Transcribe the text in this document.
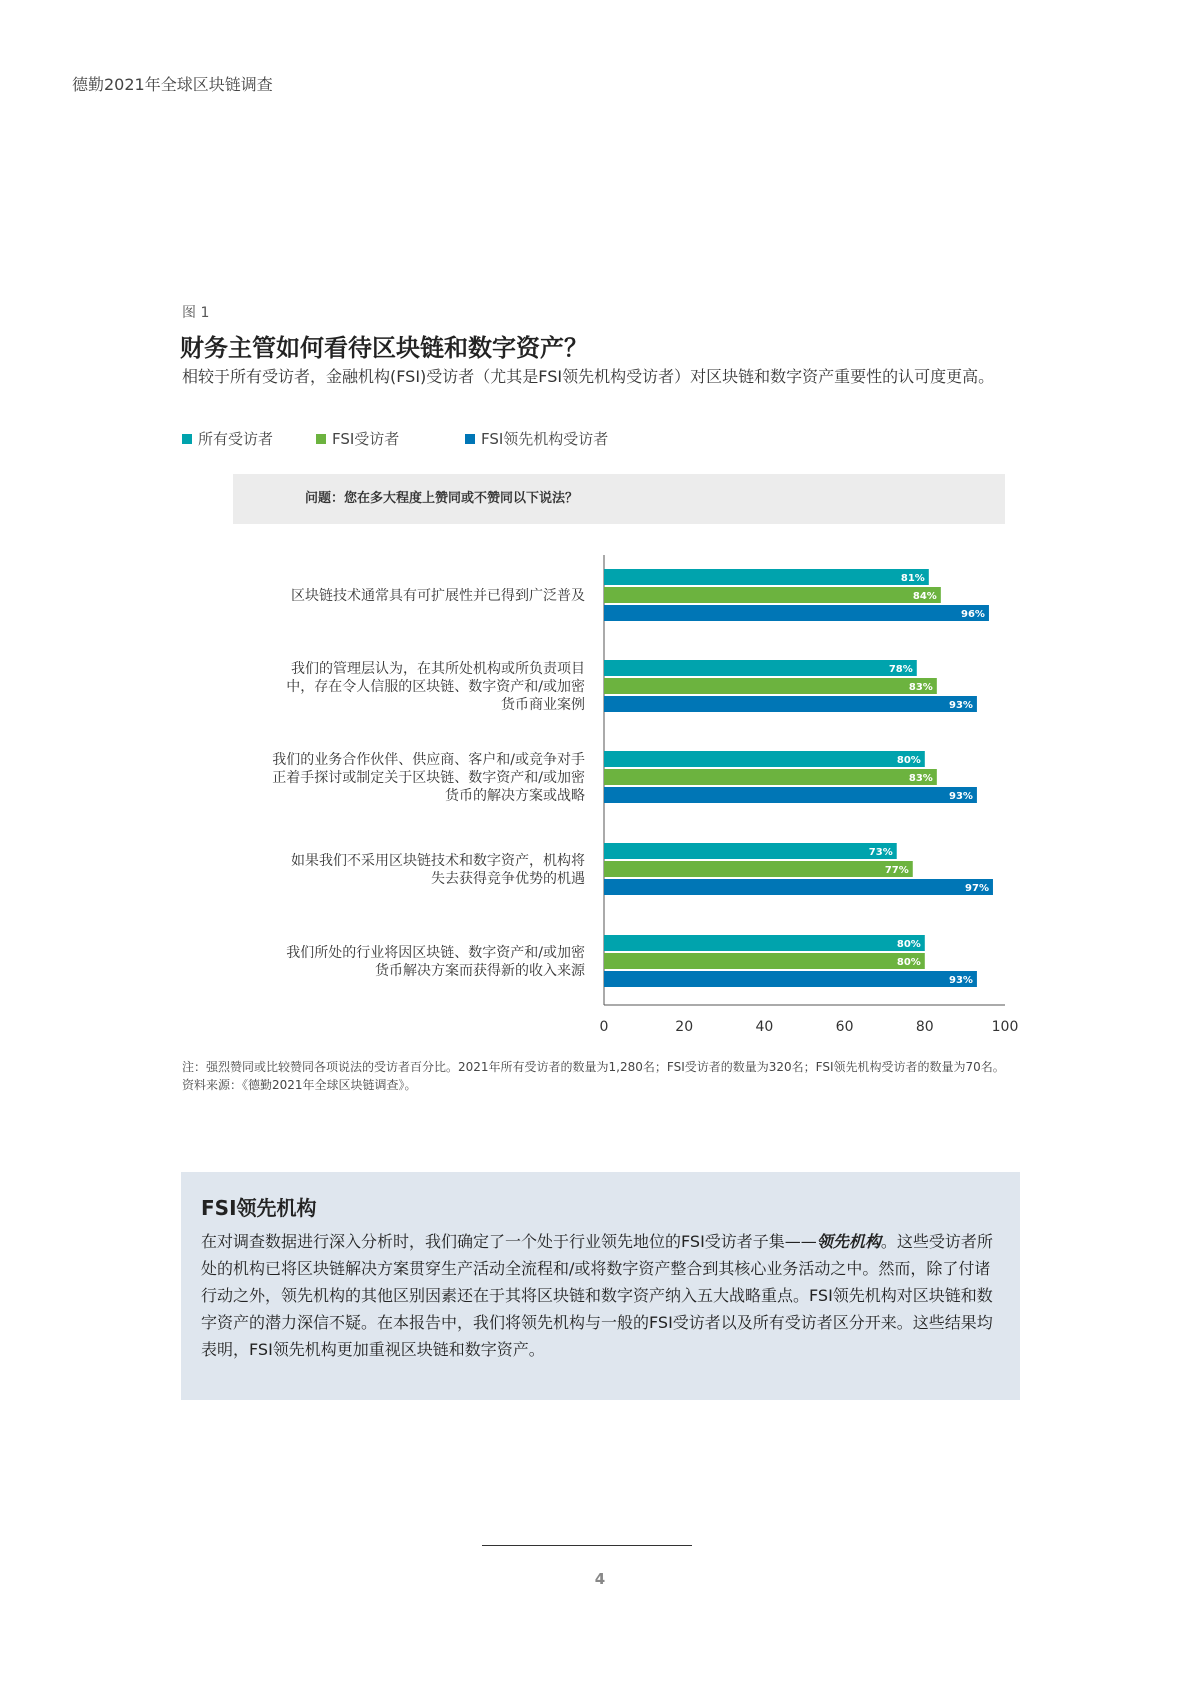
德勤2021年全球区块链调查
图 1
财务主管如何看待区块链和数字资产？
相较于所有受访者，金融机构(FSI)受访者（尤其是FSI领先机构受访者）对区块链和数字资产重要性的认可度更高。
所有受访者	FSI受访者	FSI领先机构受访者
问题：您在多大程度上赞同或不赞同以下说法？
0	20	40	60	80	100
区块链技术通常具有可扩展性并已得到广泛普及
81%
84%
96%
我们的管理层认为，在其所处机构或所负责项目
中，存在令人信服的区块链、数字资产和/或加密
货币商业案例
78%
83%
93%
我们的业务合作伙伴、供应商、客户和/或竞争对手
正着手探讨或制定关于区块链、数字资产和/或加密
货币的解决方案或战略
80%
83%
93%
如果我们不采用区块链技术和数字资产，机构将
失去获得竞争优势的机遇
73%
77%
97%
我们所处的行业将因区块链、数字资产和/或加密
货币解决方案而获得新的收入来源
80%
80%
93%
注：强烈赞同或比较赞同各项说法的受访者百分比。2021年所有受访者的数量为1,280名；FSI受访者的数量为320名；FSI领先机构受访者的数量为70名。
资料来源：《德勤2021年全球区块链调查》。
FSI领先机构
在对调查数据进行深入分析时，我们确定了一个处于行业领先地位的FSI受访者子集——领先机构。这些受访者所处的机构已将区块链解决方案贯穿生产活动全流程和/或将数字资产整合到其核心业务活动之中。然而，除了付诸行动之外，领先机构的其他区别因素还在于其将区块链和数字资产纳入五大战略重点。FSI领先机构对区块链和数字资产的潜力深信不疑。在本报告中，我们将领先机构与一般的FSI受访者以及所有受访者区分开来。这些结果均表明，FSI领先机构更加重视区块链和数字资产。
4
